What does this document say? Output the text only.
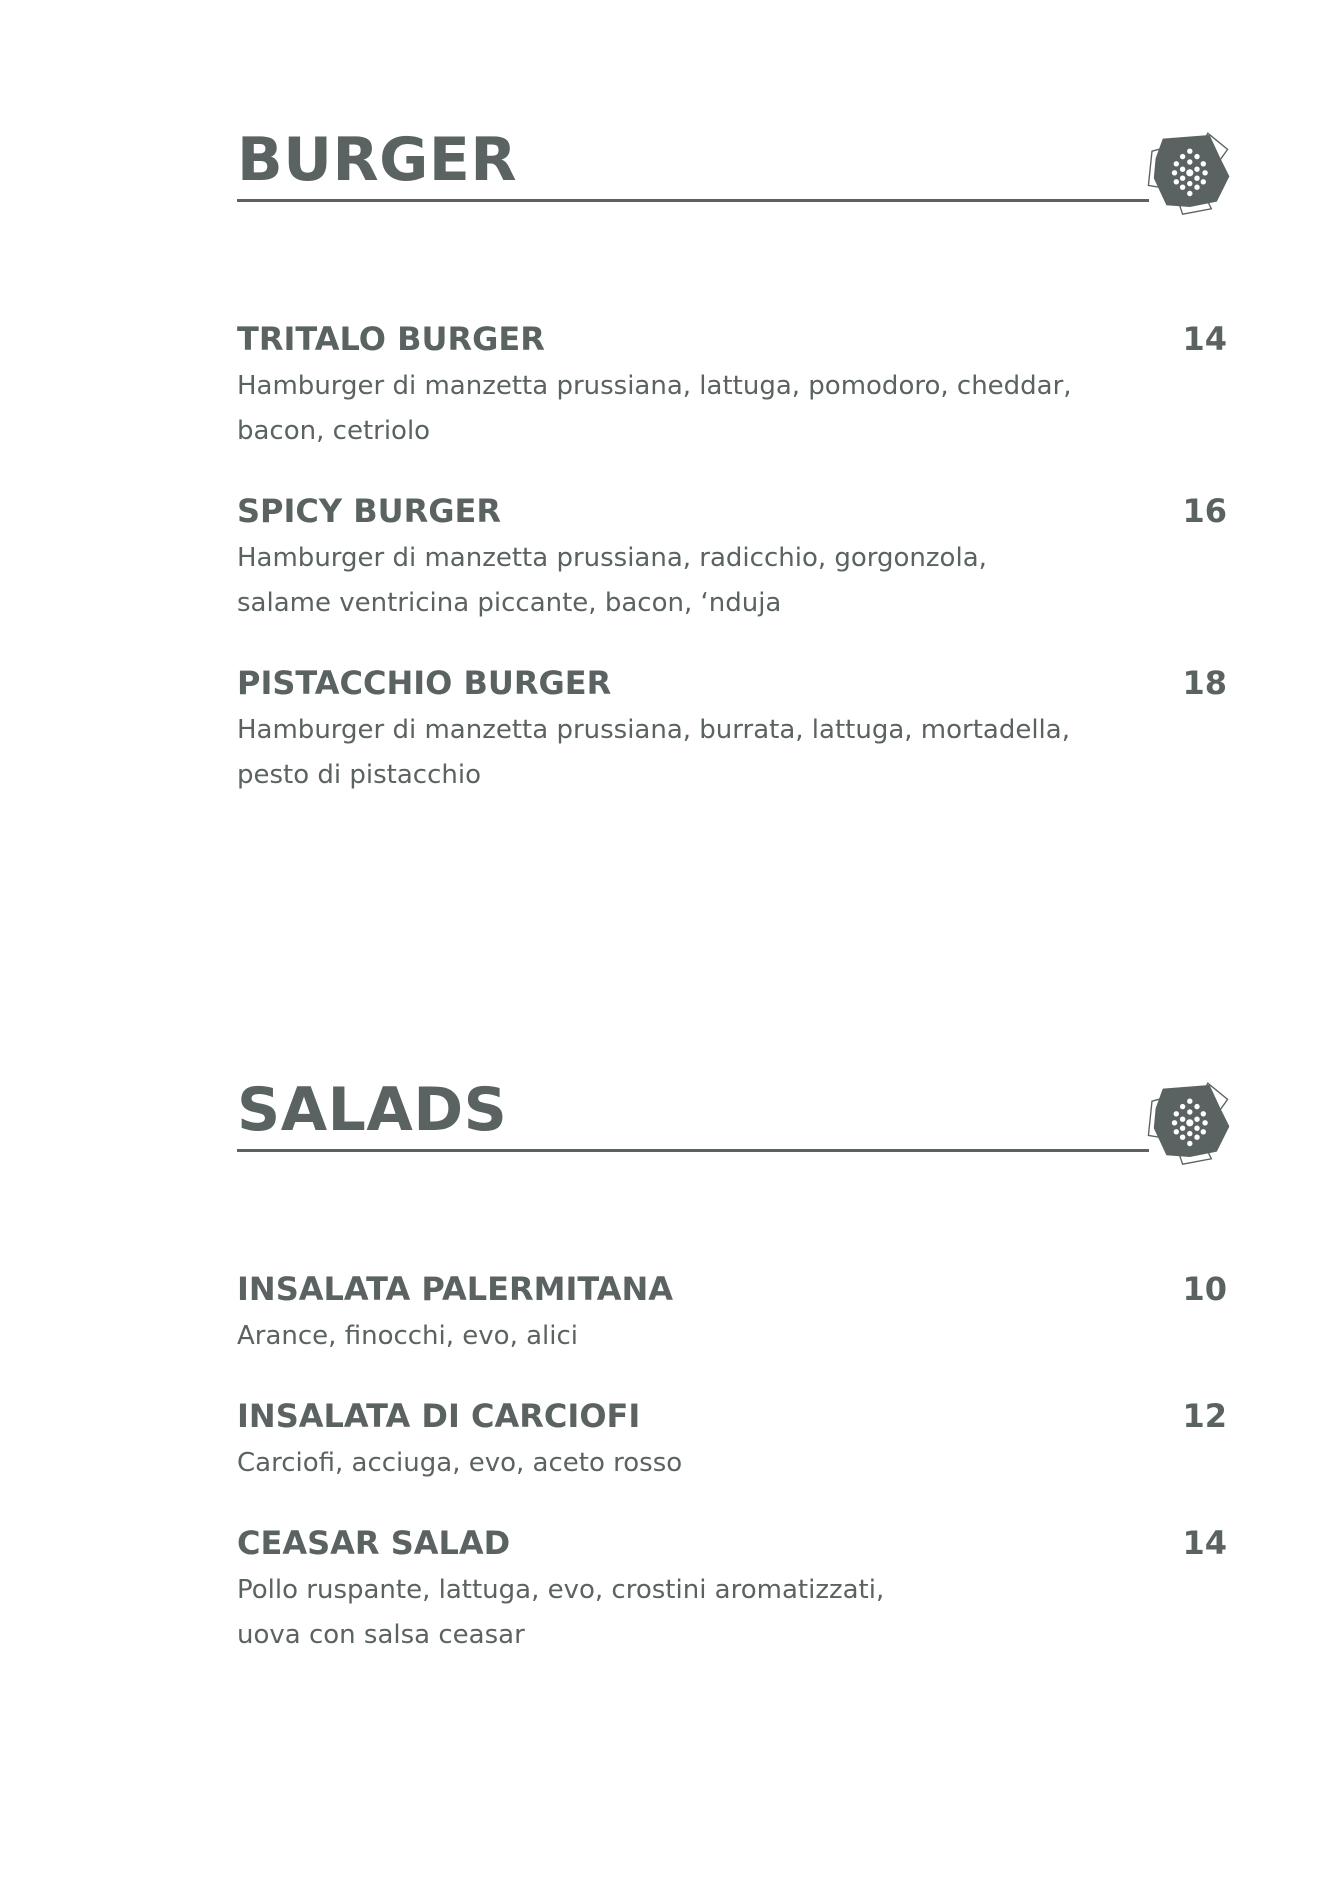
BURGER
TRITALO BURGER	14
Hamburger di manzetta prussiana, lattuga, pomodoro, cheddar,
bacon, cetriolo
SPICY BURGER	16
Hamburger di manzetta prussiana, radicchio, gorgonzola,
salame ventricina piccante, bacon, ‘nduja
PISTACCHIO BURGER	18
Hamburger di manzetta prussiana, burrata, lattuga, mortadella,
pesto di pistacchio
SALADS
INSALATA PALERMITANA	10
Arance, finocchi, evo, alici
INSALATA DI CARCIOFI	12
Carciofi, acciuga, evo, aceto rosso
CEASAR SALAD	14
Pollo ruspante, lattuga, evo, crostini aromatizzati,
uova con salsa ceasar
